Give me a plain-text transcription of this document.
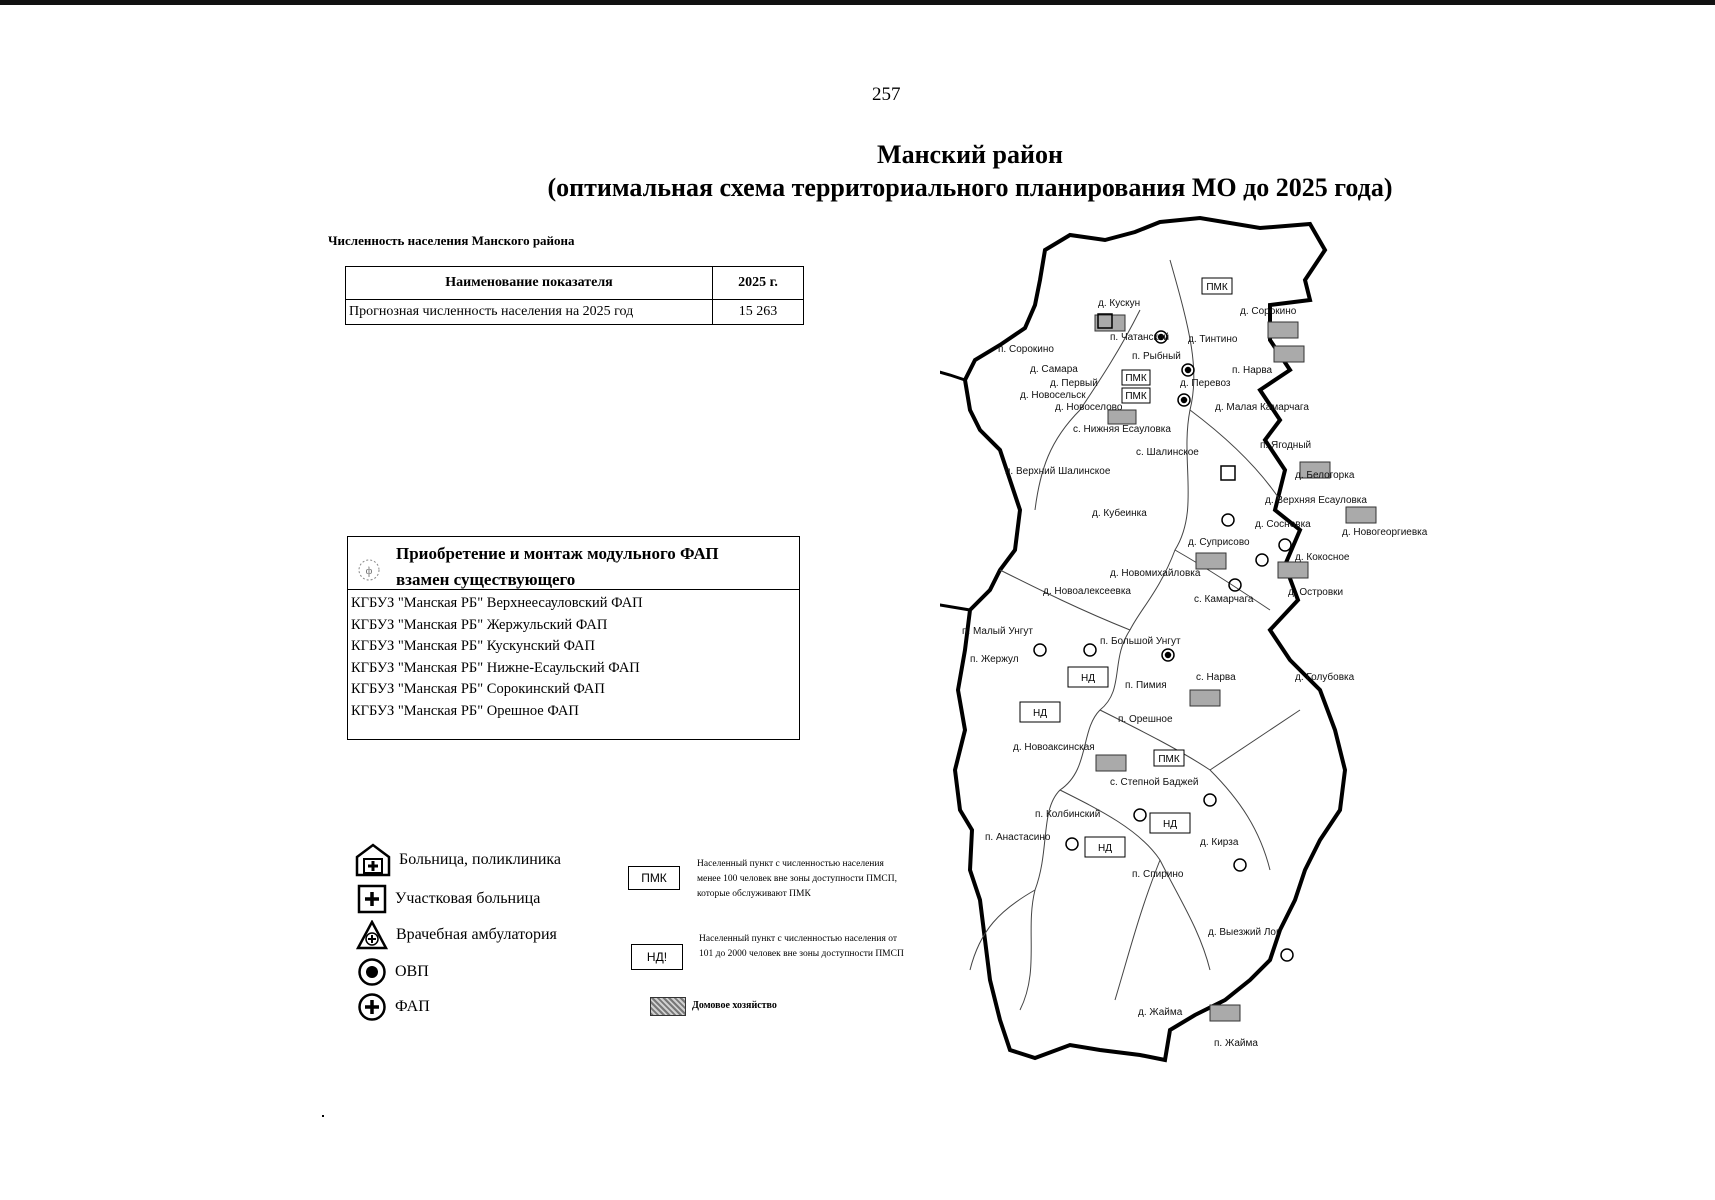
257
Манский район
(оптимальная схема территориального планирования МО до 2025 года)
Численность населения Манского района
Наименование показателя	2025 г.
Прогнозная численность населения на 2025 год	15 263
ф
Приобретение и монтаж модульного ФАП
взамен существующего
КГБУЗ "Манская РБ" Верхнеесауловский ФАП
КГБУЗ "Манская РБ" Жержульский ФАП
КГБУЗ "Манская РБ" Кускунский ФАП
КГБУЗ "Манская РБ" Нижне-Есаульский ФАП
КГБУЗ "Манская РБ" Сорокинский ФАП
КГБУЗ "Манская РБ" Орешное ФАП
Больница, поликлиника
Участковая больница
Врачебная амбулатория
ОВП
ФАП
ПМК
Населенный пункт с численностью населения менее 100 человек вне зоны доступности ПМСП, которые обслуживают ПМК
НД!
Населенный пункт с численностью населения от 101 до 2000 человек вне зоны доступности ПМСП
Домовое хозяйство
ПМК
ПМК
ПМК
ПМК
НД
НД
НД
НД
д. Кускун
д. Сорокино
п. Сорокино
д. Тинтино
п. Чатанский
п. Рыбный
д. Самара
д. Первый
д. Новосельск
д. Перевоз
п. Нарва
д. Новоселово	д. Малая Камарчага
с. Нижняя Есауловка
п. Ягодный
с. Шалинское
д. Белогорка
п. Верхний Шалинское
д. Верхняя Есауловка
д. Кубеинка
д. Новогеоргиевка
д. Сосновка
д. Суприсово
д. Кокосное
д. Новомихайловка
д. Островки
д. Новоалексеевка
с. Камарчага
п. Малый Унгут
п. Большой Унгут
п. Жержул
с. Нарва	д. Голубовка
п. Пимия
п. Орешное
д. Новоаксинская
с. Степной Баджей
п. Колбинский
п. Анастасино	д. Кирза
п. Спирино
д. Выезжий Лог
д. Жайма
п. Жайма
